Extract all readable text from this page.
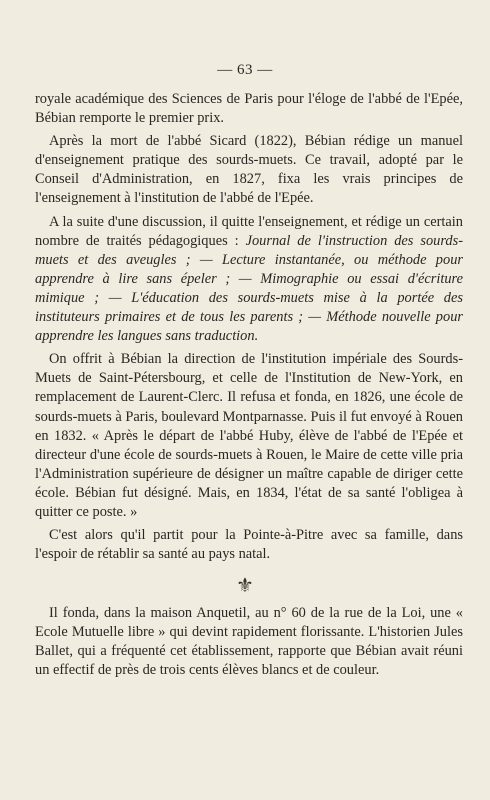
— 63 —

royale académique des Sciences de Paris pour l'éloge de l'abbé de l'Epée, Bébian remporte le premier prix.

Après la mort de l'abbé Sicard (1822), Bébian rédige un manuel d'enseignement pratique des sourds-muets. Ce travail, adopté par le Conseil d'Administration, en 1827, fixa les vrais principes de l'enseignement à l'institution de l'abbé de l'Epée.

A la suite d'une discussion, il quitte l'enseignement, et rédige un certain nombre de traités pédagogiques : Journal de l'instruction des sourds-muets et des aveugles ; — Lecture instantanée, ou méthode pour apprendre à lire sans épeler ; — Mimographie ou essai d'écriture mimique ; — L'éducation des sourds-muets mise à la portée des instituteurs primaires et de tous les parents ; — Méthode nouvelle pour apprendre les langues sans traduction.

On offrit à Bébian la direction de l'institution impériale des Sourds-Muets de Saint-Pétersbourg, et celle de l'Institution de New-York, en remplacement de Laurent-Clerc. Il refusa et fonda, en 1826, une école de sourds-muets à Paris, boulevard Montparnasse. Puis il fut envoyé à Rouen en 1832. « Après le départ de l'abbé Huby, élève de l'abbé de l'Epée et directeur d'une école de sourds-muets à Rouen, le Maire de cette ville pria l'Administration supérieure de désigner un maître capable de diriger cette école. Bébian fut désigné. Mais, en 1834, l'état de sa santé l'obligea à quitter ce poste. »

C'est alors qu'il partit pour la Pointe-à-Pitre avec sa famille, dans l'espoir de rétablir sa santé au pays natal.

⚜

Il fonda, dans la maison Anquetil, au n° 60 de la rue de la Loi, une « Ecole Mutuelle libre » qui devint rapidement florissante. L'historien Jules Ballet, qui a fréquenté cet établissement, rapporte que Bébian avait réuni un effectif de près de trois cents élèves blancs et de couleur.
